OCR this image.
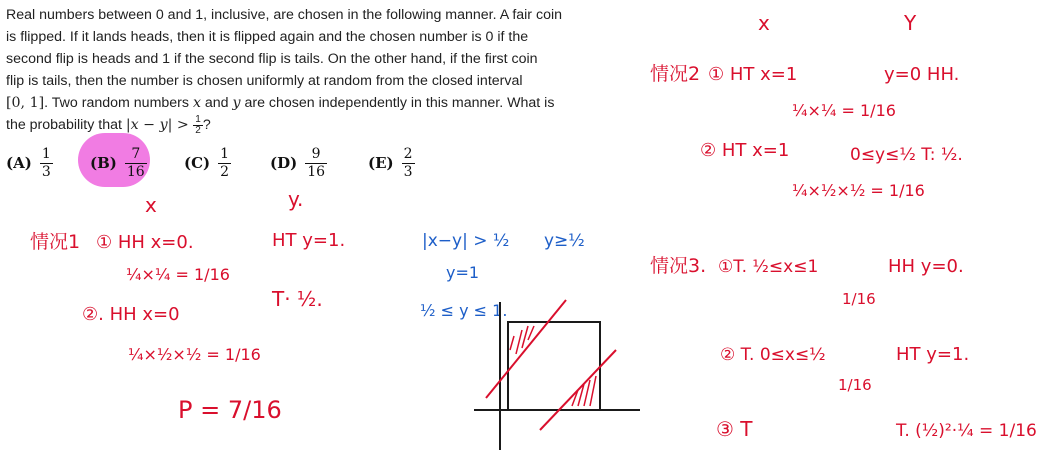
Real numbers between 0 and 1, inclusive, are chosen in the following manner. A fair coin

is flipped. If it lands heads, then it is flipped again and the chosen number is 0 if the

second flip is heads and 1 if the second flip is tails. On the other hand, if the first coin

flip is tails, then the number is chosen uniformly at random from the closed interval

[0, 1]. Two random numbers x and y are chosen independently in this manner. What is

the probability that $|x - y| > \frac{1}{2}$ ?

$(A) \frac{1}{3} (B) \frac{7}{16} (C) \frac{1}{2}$	$(D) \frac{9}{16}$	$(E) \frac{2}{3}$
x	y.
情况1 ① HH x=0.	HT y=1.
¼×¼ = 1/16
②. HH x=0
T· ½.
¼×½×½ = 1/16
P = 7/16
|x−y| > ½ y≥½
y=1
½ ≤ y ≤ 1.
x	Y
情况2 ① HT x=1	y=0 HH.
¼×¼ = 1/16
② HT x=1	0≤y≤½ T: ½.
¼×½×½ = 1/16
情况3. ①T. ½≤x≤1	HH y=0.
1/16
② T. 0≤x≤½	HT y=1.
1/16
③ T	T. (½)²·¼ = 1/16
